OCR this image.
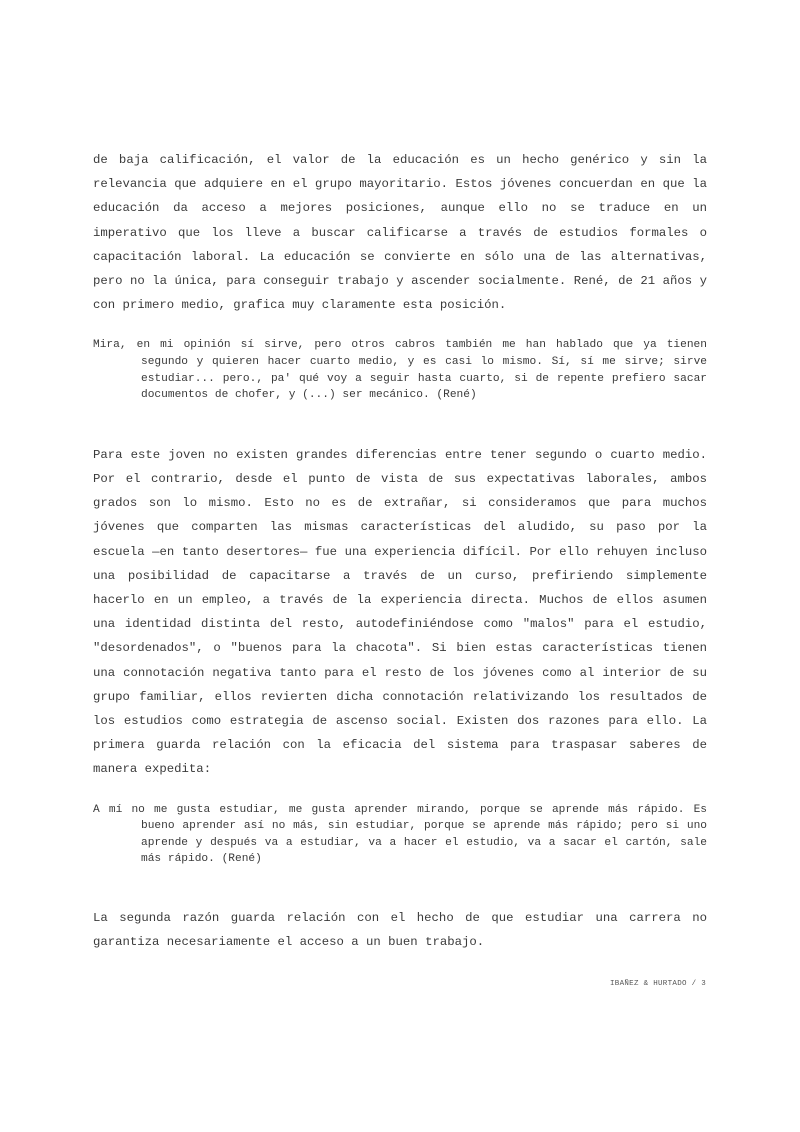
de baja calificación, el valor de la educación es un hecho genérico y sin la relevancia que adquiere en el grupo mayoritario. Estos jóvenes concuerdan en que la educación da acceso a mejores posiciones, aunque ello no se traduce en un imperativo que los lleve a buscar calificarse a través de estudios formales o capacitación laboral. La educación se convierte en sólo una de las alternativas, pero no la única, para conseguir trabajo y ascender socialmente. René, de 21 años y con primero medio, grafica muy claramente esta posición.

Mira, en mi opinión sí sirve, pero otros cabros también me han hablado que ya tienen segundo y quieren hacer cuarto medio, y es casi lo mismo. Sí, sí me sirve; sirve estudiar... pero., pa' qué voy a seguir hasta cuarto, si de repente prefiero sacar documentos de chofer, y (...) ser mecánico. (René)

Para este joven no existen grandes diferencias entre tener segundo o cuarto medio. Por el contrario, desde el punto de vista de sus expectativas laborales, ambos grados son lo mismo. Esto no es de extrañar, si consideramos que para muchos jóvenes que comparten las mismas características del aludido, su paso por la escuela —en tanto desertores— fue una experiencia difícil. Por ello rehuyen incluso una posibilidad de capacitarse a través de un curso, prefiriendo simplemente hacerlo en un empleo, a través de la experiencia directa. Muchos de ellos asumen una identidad distinta del resto, autodefiniéndose como "malos" para el estudio, "desordenados", o "buenos para la chacota". Si bien estas características tienen una connotación negativa tanto para el resto de los jóvenes como al interior de su grupo familiar, ellos revierten dicha connotación relativizando los resultados de los estudios como estrategia de ascenso social. Existen dos razones para ello. La primera guarda relación con la eficacia del sistema para traspasar saberes de manera expedita:

A mí no me gusta estudiar, me gusta aprender mirando, porque se aprende más rápido. Es bueno aprender así no más, sin estudiar, porque se aprende más rápido; pero si uno aprende y después va a estudiar, va a hacer el estudio, va a sacar el cartón, sale más rápido. (René)

La segunda razón guarda relación con el hecho de que estudiar una carrera no garantiza necesariamente el acceso a un buen trabajo.

IBAÑEZ & HURTADO / 3
